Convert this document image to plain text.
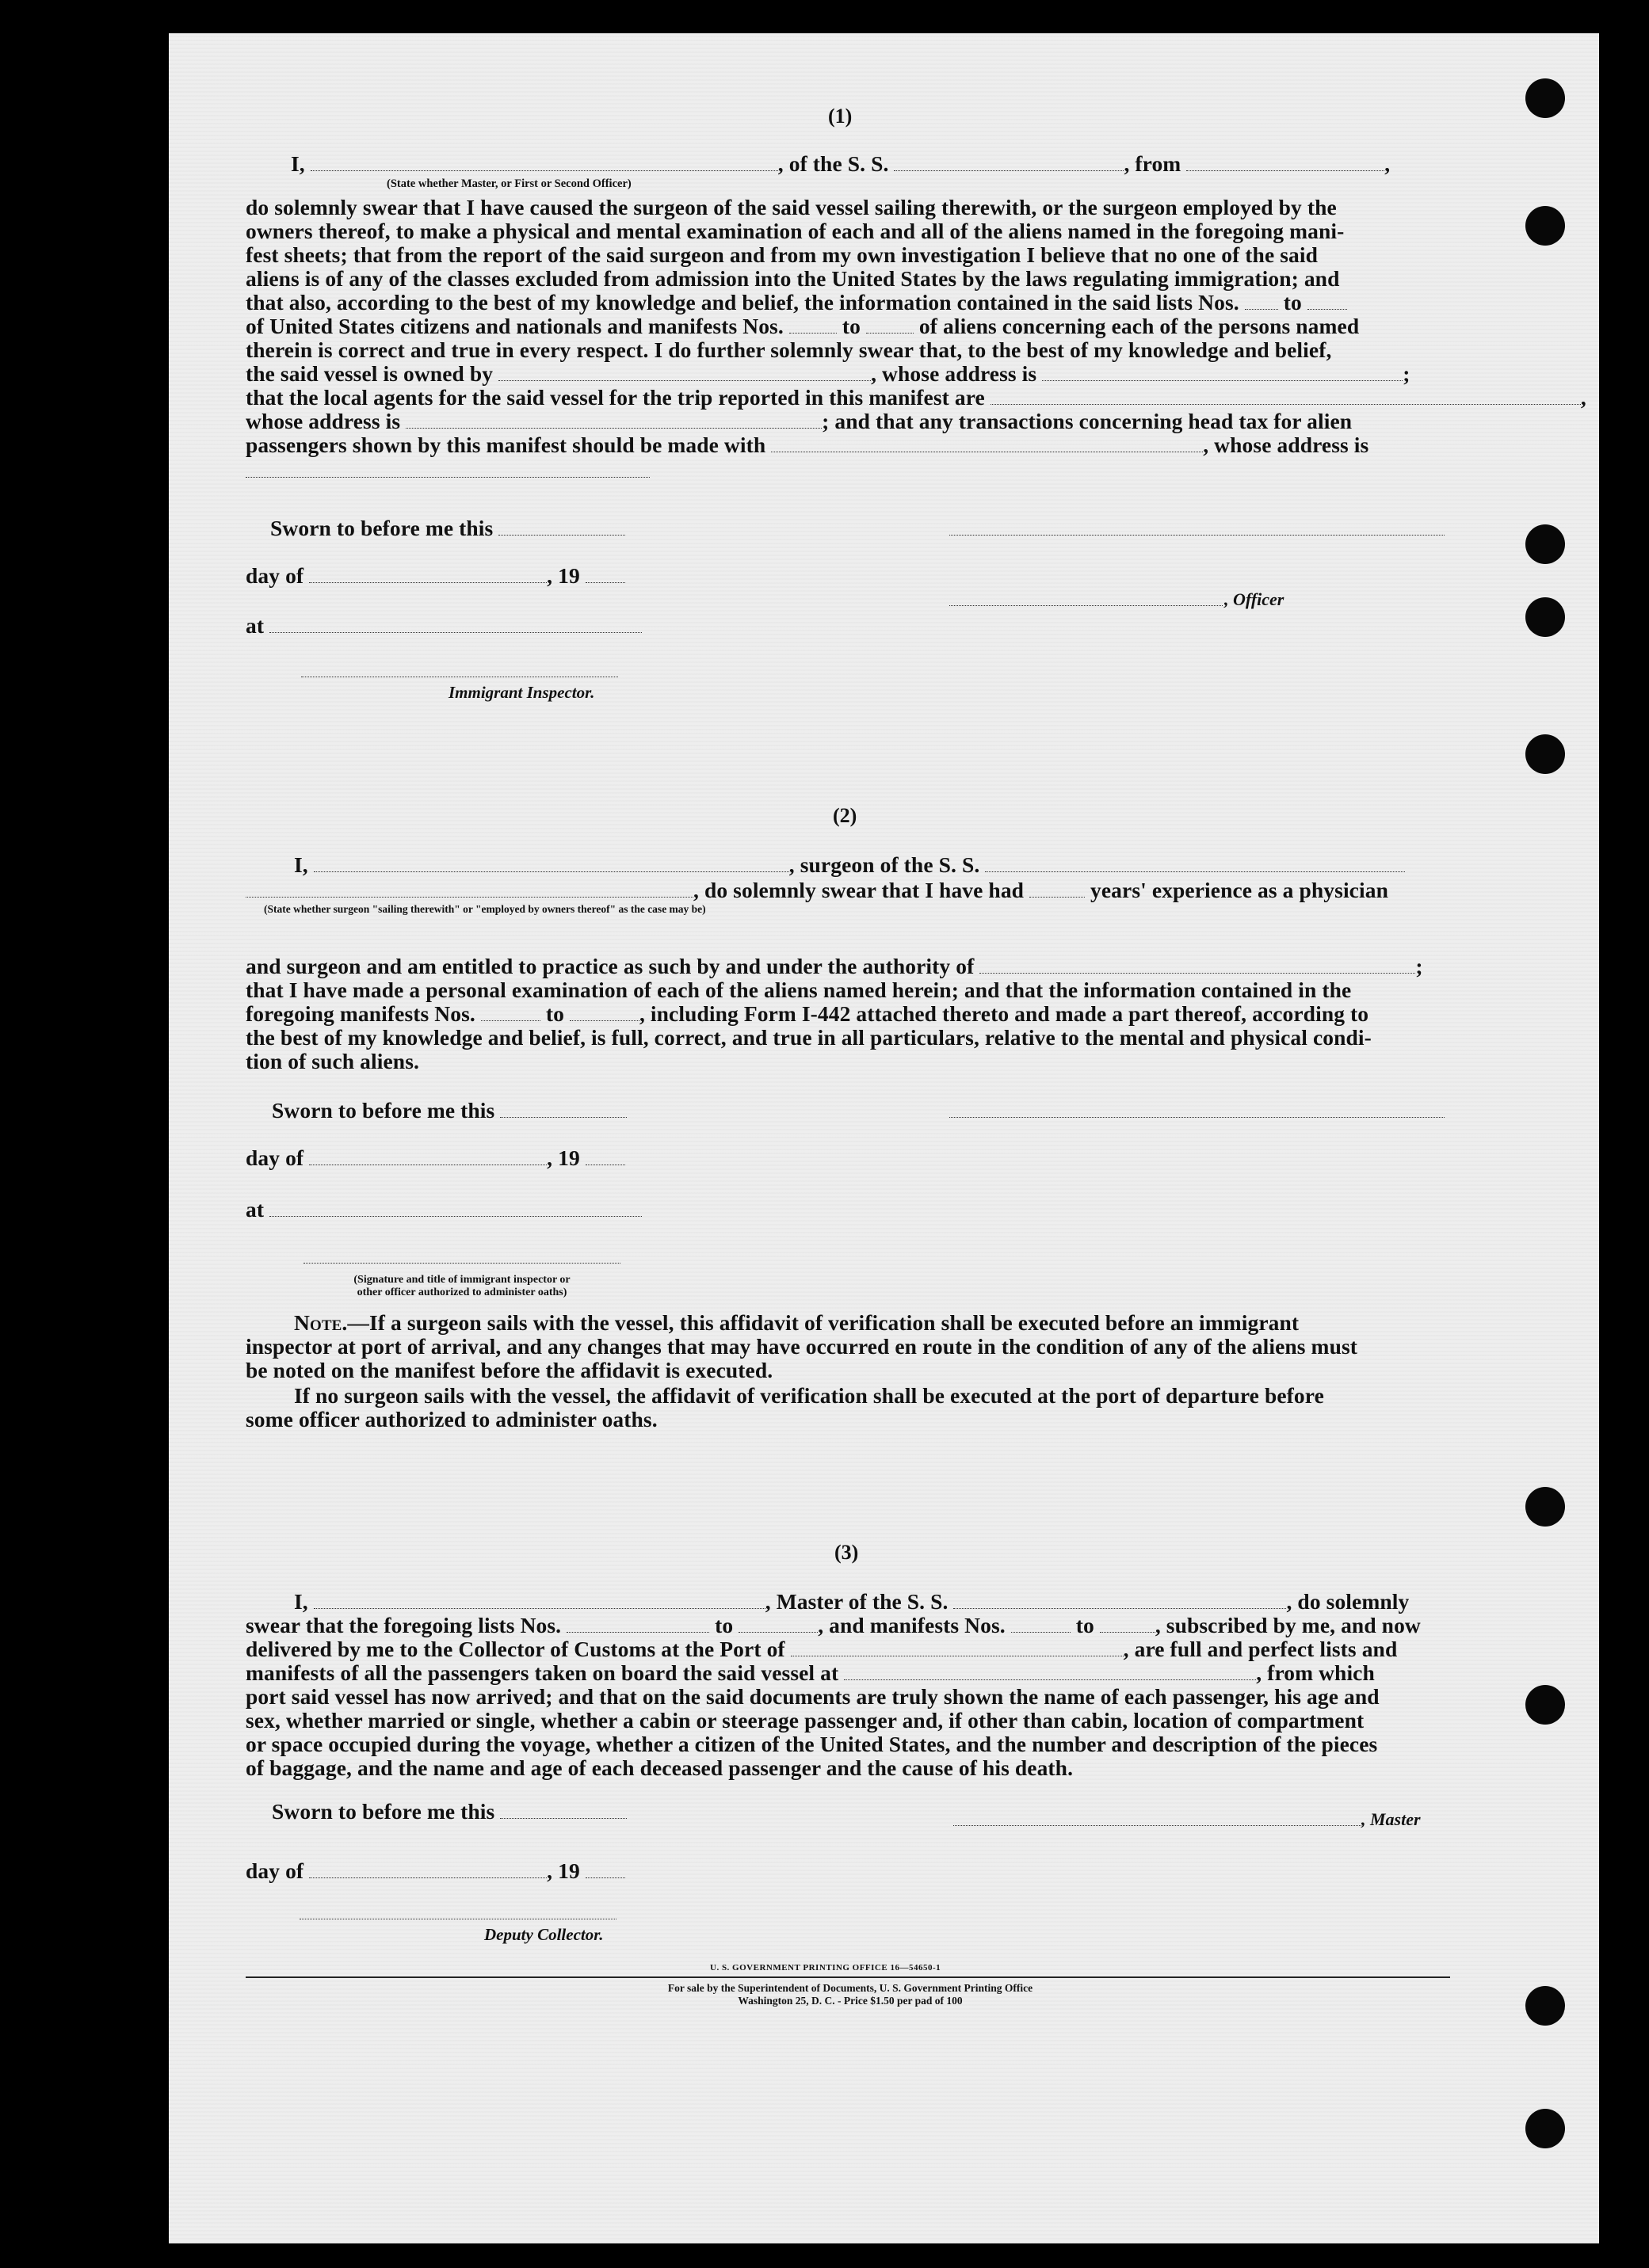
(1)
I,	, of the S. S.	, from	,
(State whether Master, or First or Second Officer)
do solemnly swear that I have caused the surgeon of the said vessel sailing therewith, or the surgeon employed by the
owners thereof, to make a physical and mental examination of each and all of the aliens named in the foregoing mani-
fest sheets; that from the report of the said surgeon and from my own investigation I believe that no one of the said
aliens is of any of the classes excluded from admission into the United States by the laws regulating immigration; and
that also, according to the best of my knowledge and belief, the information contained in the said lists Nos. to
of United States citizens and nationals and manifests Nos.	to	of aliens concerning each of the persons named
therein is correct and true in every respect. I do further solemnly swear that, to the best of my knowledge and belief,
the said vessel is owned by	, whose address is	;
that the local agents for the said vessel for the trip reported in this manifest are	,
whose address is	; and that any transactions concerning head tax for alien
passengers shown by this manifest should be made with	, whose address is
Sworn to before me this
day of	, 19
, Officer
at
Immigrant Inspector.
(2)
I,	, surgeon of the S. S.
, do solemnly swear that I have had	years' experience as a physician
(State whether surgeon "sailing therewith" or "employed by owners thereof" as the case may be)
and surgeon and am entitled to practice as such by and under the authority of	;
that I have made a personal examination of each of the aliens named herein; and that the information contained in the
foregoing manifests Nos.	to	, including Form I-442 attached thereto and made a part thereof, according to
the best of my knowledge and belief, is full, correct, and true in all particulars, relative to the mental and physical condi-
tion of such aliens.
Sworn to before me this
day of	, 19
at
(Signature and title of immigrant inspector or
other officer authorized to administer oaths)
Note.—If a surgeon sails with the vessel, this affidavit of verification shall be executed before an immigrant
inspector at port of arrival, and any changes that may have occurred en route in the condition of any of the aliens must
be noted on the manifest before the affidavit is executed.
If no surgeon sails with the vessel, the affidavit of verification shall be executed at the port of departure before
some officer authorized to administer oaths.
(3)
I,	, Master of the S. S.	, do solemnly
swear that the foregoing lists Nos.	to	, and manifests Nos.	to	, subscribed by me, and now
delivered by me to the Collector of Customs at the Port of	, are full and perfect lists and
manifests of all the passengers taken on board the said vessel at	, from which
port said vessel has now arrived; and that on the said documents are truly shown the name of each passenger, his age and
sex, whether married or single, whether a cabin or steerage passenger and, if other than cabin, location of compartment
or space occupied during the voyage, whether a citizen of the United States, and the number and description of the pieces
of baggage, and the name and age of each deceased passenger and the cause of his death.
Sworn to before me this	, Master
day of	, 19
Deputy Collector.
U. S. GOVERNMENT PRINTING OFFICE 16—54650-1
For sale by the Superintendent of Documents, U. S. Government Printing Office
Washington 25, D. C. - Price $1.50 per pad of 100
